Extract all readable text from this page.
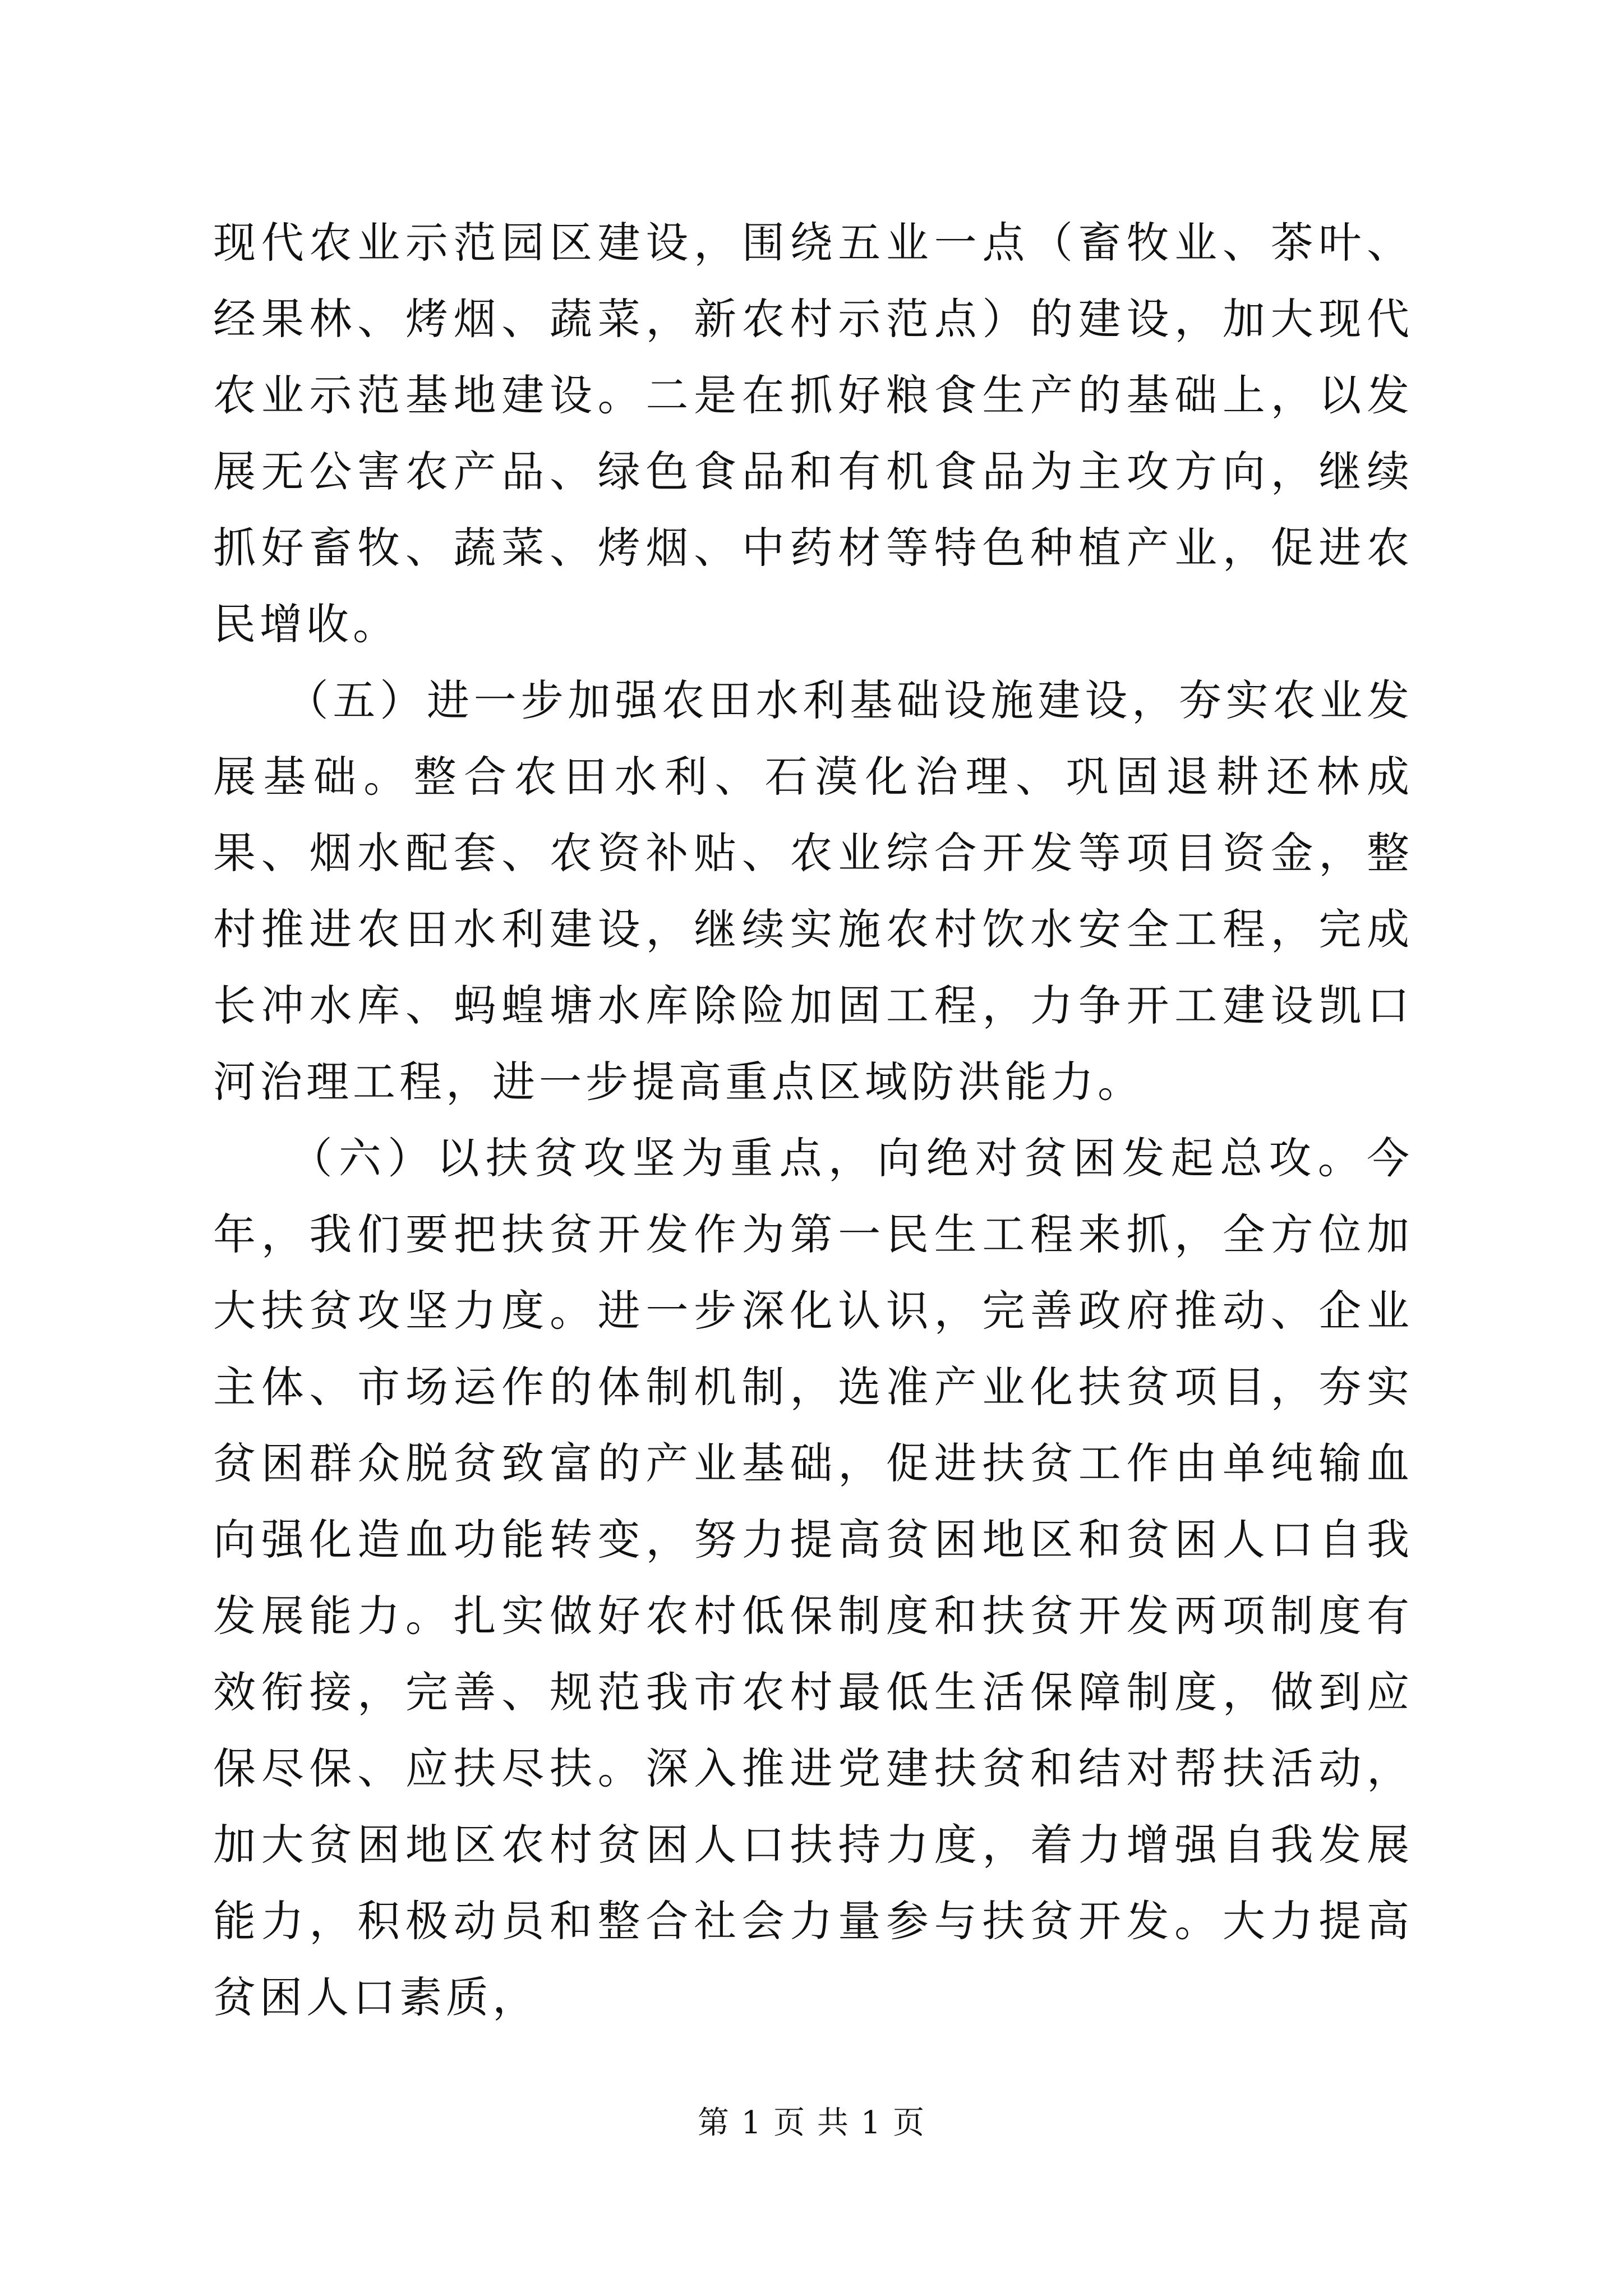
现代农业示范园区建设，围绕五业一点（畜牧业、茶叶、经果林、烤烟、蔬菜，新农村示范点）的建设，加大现代农业示范基地建设。二是在抓好粮食生产的基础上，以发展无公害农产品、绿色食品和有机食品为主攻方向，继续抓好畜牧、蔬菜、烤烟、中药材等特色种植产业，促进农民增收。

　　（五）进一步加强农田水利基础设施建设，夯实农业发展基础。整合农田水利、石漠化治理、巩固退耕还林成果、烟水配套、农资补贴、农业综合开发等项目资金，整村推进农田水利建设，继续实施农村饮水安全工程，完成长冲水库、蚂蝗塘水库除险加固工程，力争开工建设凯口河治理工程，进一步提高重点区域防洪能力。

　　（六）以扶贫攻坚为重点，向绝对贫困发起总攻。今年，我们要把扶贫开发作为第一民生工程来抓，全方位加大扶贫攻坚力度。进一步深化认识，完善政府推动、企业主体、市场运作的体制机制，选准产业化扶贫项目，夯实贫困群众脱贫致富的产业基础，促进扶贫工作由单纯输血向强化造血功能转变，努力提高贫困地区和贫困人口自我发展能力。扎实做好农村低保制度和扶贫开发两项制度有效衔接，完善、规范我市农村最低生活保障制度，做到应保尽保、应扶尽扶。深入推进党建扶贫和结对帮扶活动，加大贫困地区农村贫困人口扶持力度，着力增强自我发展能力，积极动员和整合社会力量参与扶贫开发。大力提高贫困人口素质，

第 1 页 共 1 页
